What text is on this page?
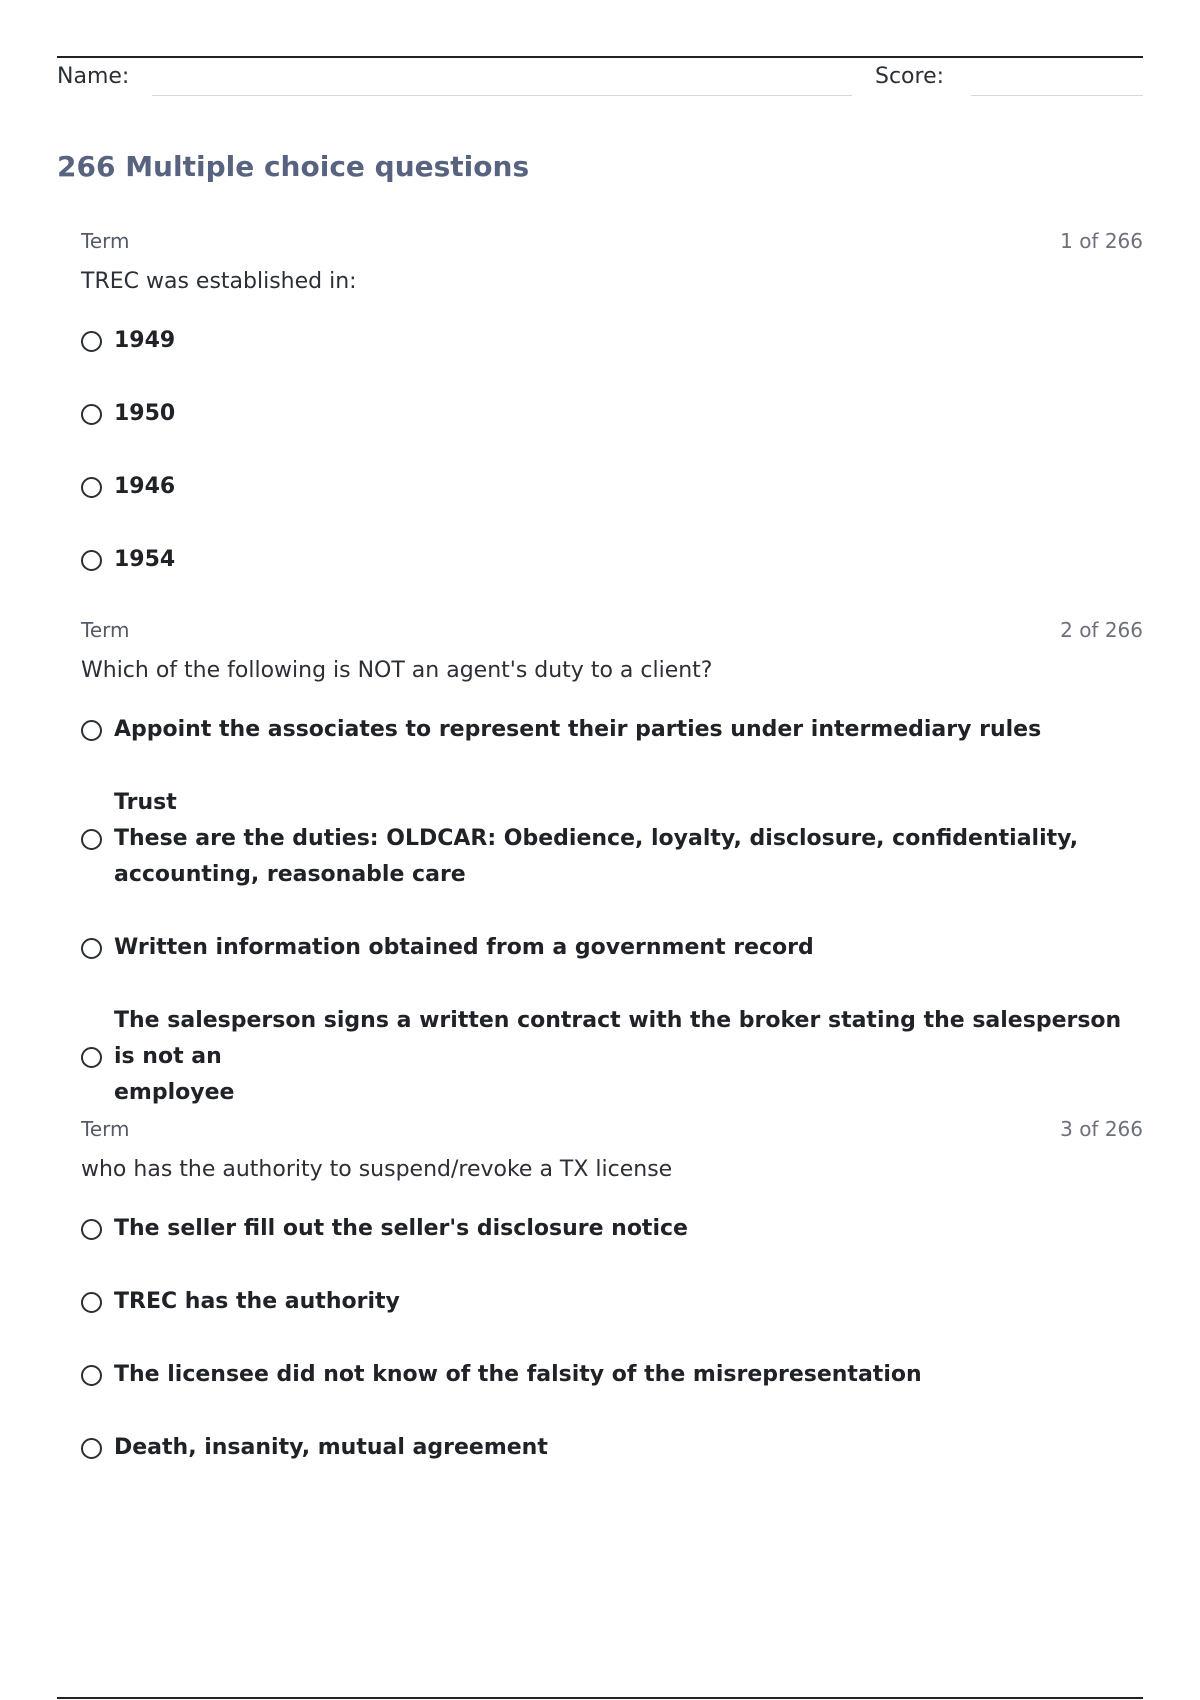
Name:	Score:
266 Multiple choice questions
Term	1 of 266
TREC was established in:
1949
1950
1946
1954
Term	2 of 266
Which of the following is NOT an agent's duty to a client?
Appoint the associates to represent their parties under intermediary rules
Trust
These are the duties: OLDCAR: Obedience, loyalty, disclosure, confidentiality,
accounting, reasonable care
Written information obtained from a government record
The salesperson signs a written contract with the broker stating the salesperson is not an
employee
Term	3 of 266
who has the authority to suspend/revoke a TX license
The seller fill out the seller's disclosure notice
TREC has the authority
The licensee did not know of the falsity of the misrepresentation
Death, insanity, mutual agreement
